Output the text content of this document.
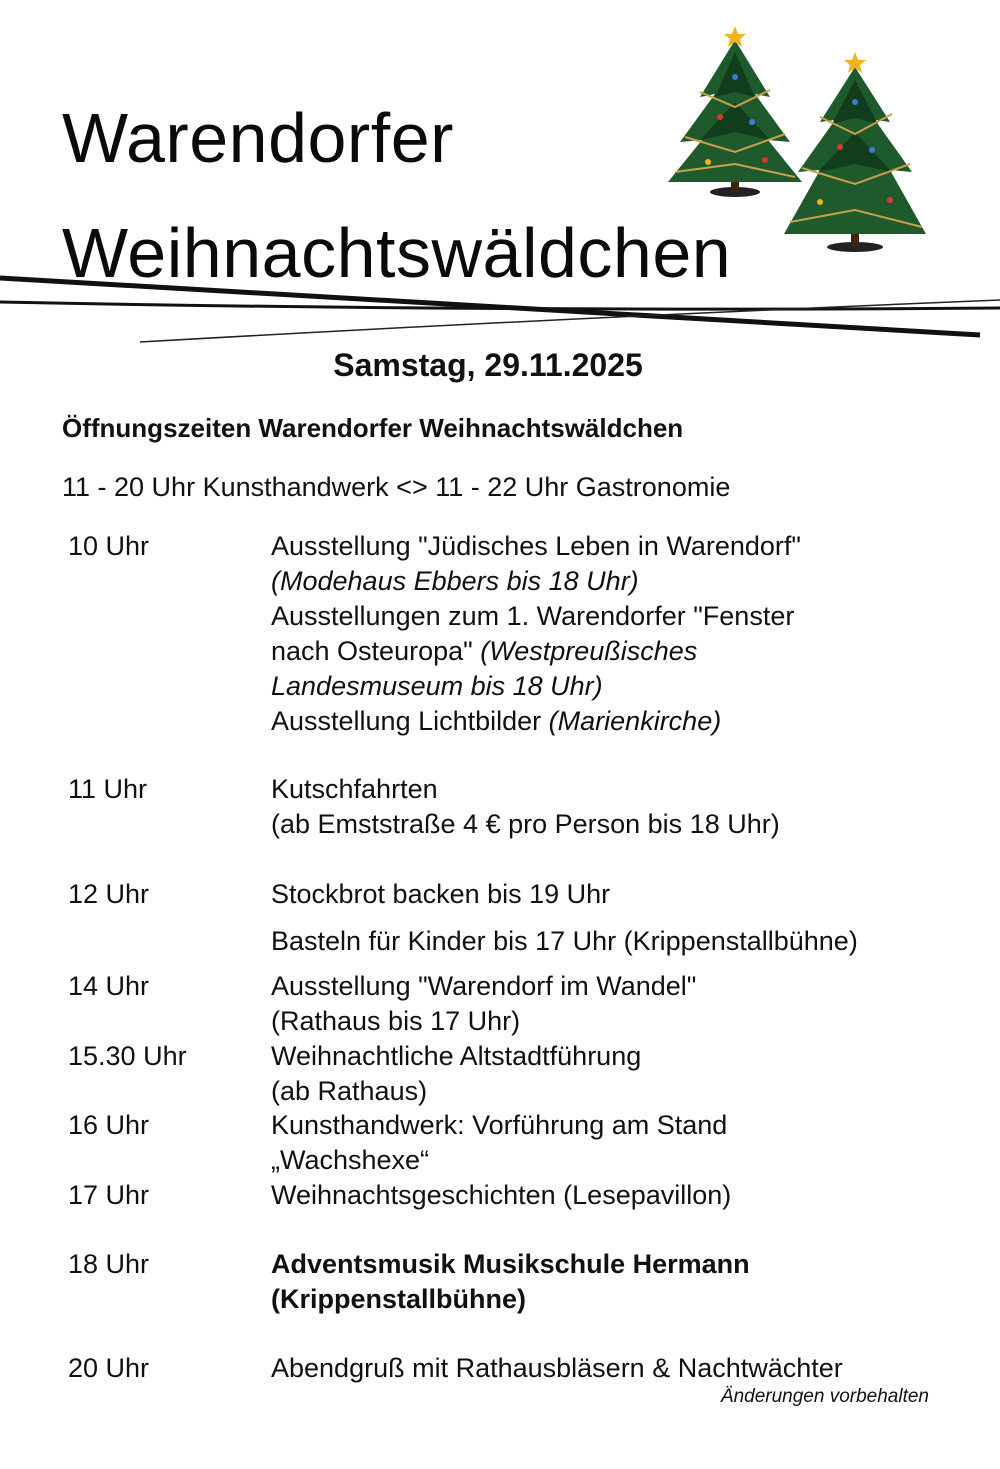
Warendorfer
Weihnachtswäldchen
Samstag, 29.11.2025
Öffnungszeiten Warendorfer Weihnachtswäldchen
11 - 20 Uhr Kunsthandwerk <> 11 - 22 Uhr Gastronomie
10 Uhr	Ausstellung "Jüdisches Leben in Warendorf"
(Modehaus Ebbers bis 18 Uhr)
Ausstellungen zum 1. Warendorfer "Fenster
nach Osteuropa" (Westpreußisches
Landesmuseum bis 18 Uhr)
Ausstellung Lichtbilder (Marienkirche)
11 Uhr	Kutschfahrten
(ab Emststraße 4 € pro Person bis 18 Uhr)
12 Uhr	Stockbrot backen bis 19 Uhr
Basteln für Kinder bis 17 Uhr (Krippenstallbühne)
14 Uhr	Ausstellung "Warendorf im Wandel"
(Rathaus bis 17 Uhr)
15.30 Uhr	Weihnachtliche Altstadtführung
(ab Rathaus)
16 Uhr	Kunsthandwerk: Vorführung am Stand
„Wachshexe“
17 Uhr	Weihnachtsgeschichten (Lesepavillon)
18 Uhr	Adventsmusik Musikschule Hermann
(Krippenstallbühne)
20 Uhr	Abendgruß mit Rathausbläsern & Nachtwächter
Änderungen vorbehalten
